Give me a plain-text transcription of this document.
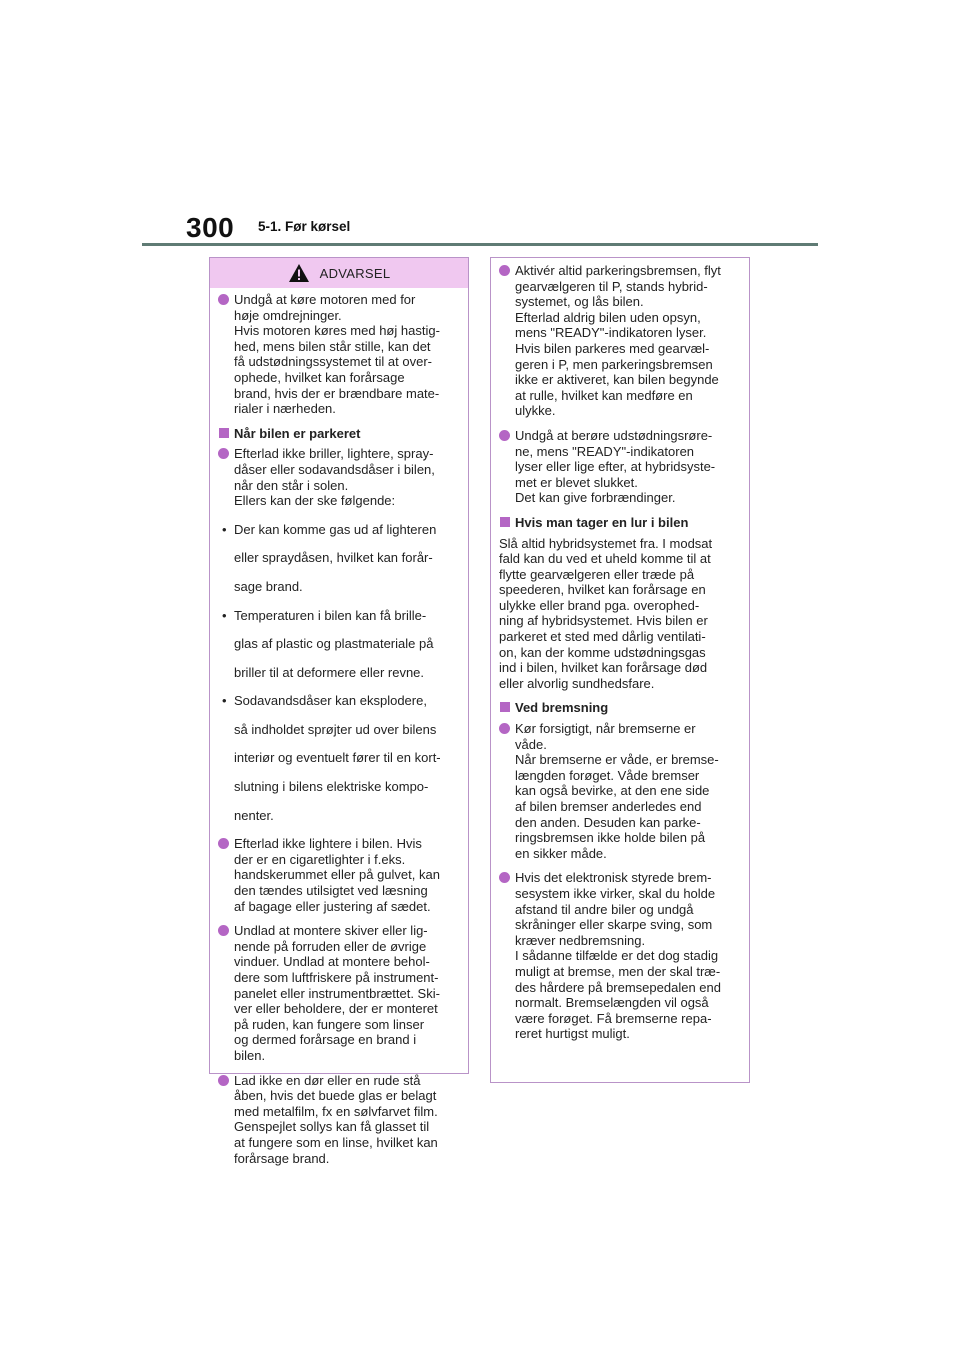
300 5-1. Før kørsel
ADVARSEL

Undgå at køre motoren med for

høje omdrejninger.

Hvis motoren køres med høj hastig-

hed, mens bilen står stille, kan det

få udstødningssystemet til at over-

ophede, hvilket kan forårsage

brand, hvis der er brændbare mate-

rialer i nærheden.

Når bilen er parkeret

Efterlad ikke briller, lightere, spray-

dåser eller sodavandsdåser i bilen,

når den står i solen.

Ellers kan der ske følgende:

• Der kan komme gas ud af lighteren

eller spraydåsen, hvilket kan forår-

sage brand.

• Temperaturen i bilen kan få brille-

glas af plastic og plastmateriale på

briller til at deformere eller revne.

• Sodavandsdåser kan eksplodere,

så indholdet sprøjter ud over bilens

interiør og eventuelt fører til en kort-

slutning i bilens elektriske kompo-

nenter.

Efterlad ikke lightere i bilen. Hvis

der er en cigaretlighter i f.eks.

handskerummet eller på gulvet, kan

den tændes utilsigtet ved læsning

af bagage eller justering af sædet.

Undlad at montere skiver eller lig-

nende på forruden eller de øvrige

vinduer. Undlad at montere behol-

dere som luftfriskere på instrument-

panelet eller instrumentbrættet. Ski-

ver eller beholdere, der er monteret

på ruden, kan fungere som linser

og dermed forårsage en brand i

bilen.

Lad ikke en dør eller en rude stå

åben, hvis det buede glas er belagt

med metalfilm, fx en sølvfarvet film.

Genspejlet sollys kan få glasset til

at fungere som en linse, hvilket kan

forårsage brand.

Aktivér altid parkeringsbremsen, flyt

gearvælgeren til P, stands hybrid-

systemet, og lås bilen.

Efterlad aldrig bilen uden opsyn,

mens "READY"-indikatoren lyser.

Hvis bilen parkeres med gearvæl-

geren i P, men parkeringsbremsen

ikke er aktiveret, kan bilen begynde

at rulle, hvilket kan medføre en

ulykke.

Undgå at berøre udstødningsrøre-

ne, mens "READY"-indikatoren

lyser eller lige efter, at hybridsyste-

met er blevet slukket.

Det kan give forbrændinger.

Hvis man tager en lur i bilen

Slå altid hybridsystemet fra. I modsat

fald kan du ved et uheld komme til at

flytte gearvælgeren eller træde på

speederen, hvilket kan forårsage en

ulykke eller brand pga. overophed-

ning af hybridsystemet. Hvis bilen er

parkeret et sted med dårlig ventilati-

on, kan der komme udstødningsgas

ind i bilen, hvilket kan forårsage død

eller alvorlig sundhedsfare.

Ved bremsning

Kør forsigtigt, når bremserne er

våde.

Når bremserne er våde, er bremse-

længden forøget. Våde bremser

kan også bevirke, at den ene side

af bilen bremser anderledes end

den anden. Desuden kan parke-

ringsbremsen ikke holde bilen på

en sikker måde.

Hvis det elektronisk styrede brem-

sesystem ikke virker, skal du holde

afstand til andre biler og undgå

skråninger eller skarpe sving, som

kræver nedbremsning.

I sådanne tilfælde er det dog stadig

muligt at bremse, men der skal træ-

des hårdere på bremsepedalen end

normalt. Bremselængden vil også

være forøget. Få bremserne repa-

reret hurtigst muligt.
